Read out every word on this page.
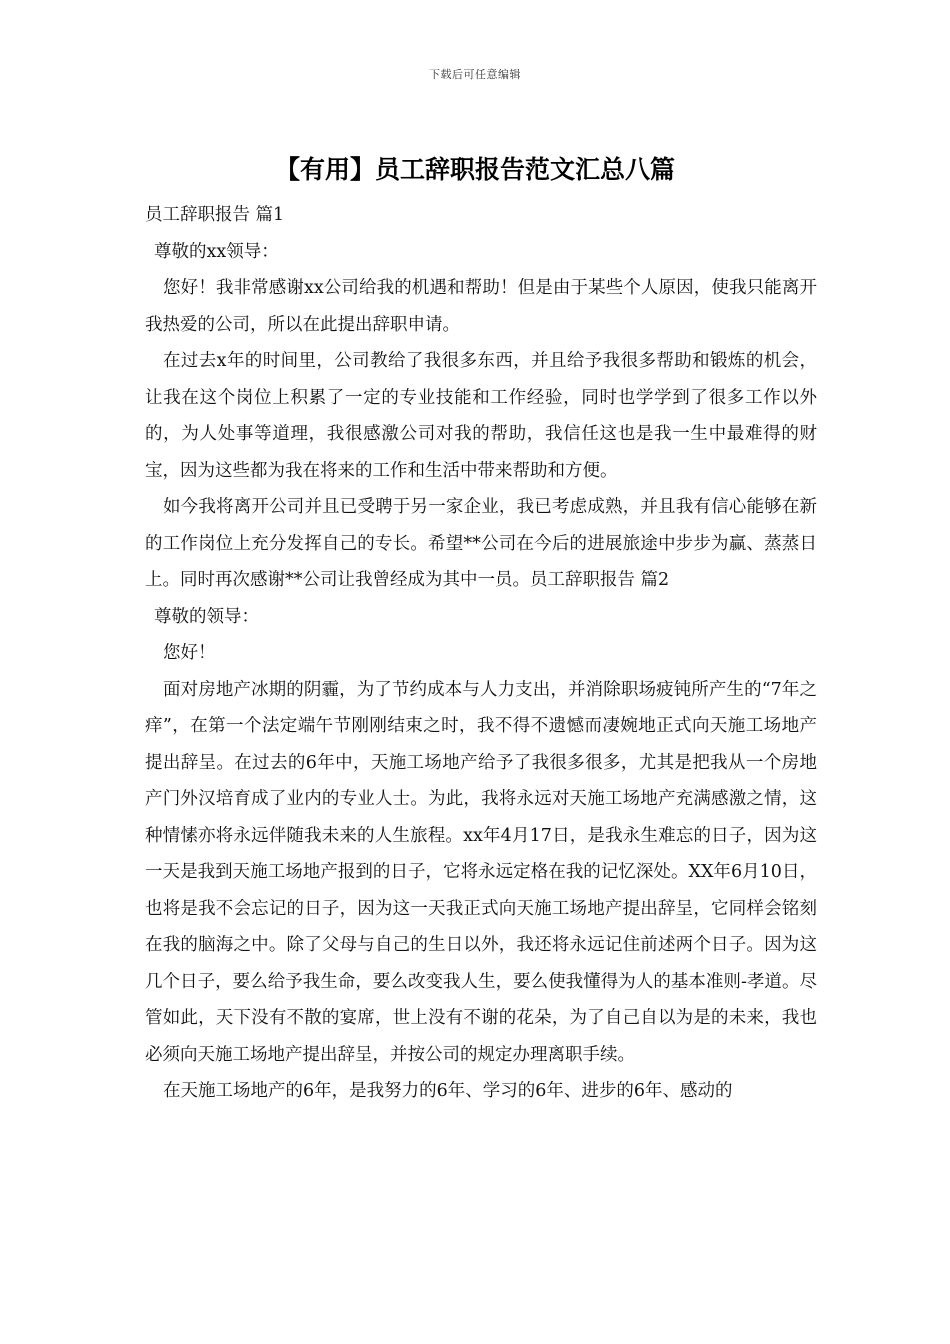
下载后可任意编辑
【有用】员工辞职报告范文汇总八篇

员工辞职报告 篇1

尊敬的xx领导：

您好！我非常感谢xx公司给我的机遇和帮助！但是由于某些个人原因，使我只能离开我热爱的公司，所以在此提出辞职申请。

在过去x年的时间里，公司教给了我很多东西，并且给予我很多帮助和锻炼的机会，让我在这个岗位上积累了一定的专业技能和工作经验，同时也学学到了很多工作以外的，为人处事等道理，我很感激公司对我的帮助，我信任这也是我一生中最难得的财宝，因为这些都为我在将来的工作和生活中带来帮助和方便。

如今我将离开公司并且已受聘于另一家企业，我已考虑成熟，并且我有信心能够在新的工作岗位上充分发挥自己的专长。希望**公司在今后的进展旅途中步步为赢、蒸蒸日上。同时再次感谢**公司让我曾经成为其中一员。员工辞职报告 篇2

尊敬的领导：

您好！

面对房地产冰期的阴霾，为了节约成本与人力支出，并消除职场疲钝所产生的“7年之痒”，在第一个法定端午节刚刚结束之时，我不得不遗憾而凄婉地正式向天施工场地产提出辞呈。在过去的6年中，天施工场地产给予了我很多很多，尤其是把我从一个房地产门外汉培育成了业内的专业人士。为此，我将永远对天施工场地产充满感激之情，这种情愫亦将永远伴随我未来的人生旅程。xx年4月17日，是我永生难忘的日子，因为这一天是我到天施工场地产报到的日子，它将永远定格在我的记忆深处。XX年6月10日，也将是我不会忘记的日子，因为这一天我正式向天施工场地产提出辞呈，它同样会铭刻在我的脑海之中。除了父母与自己的生日以外，我还将永远记住前述两个日子。因为这几个日子，要么给予我生命，要么改变我人生，要么使我懂得为人的基本准则-孝道。尽管如此，天下没有不散的宴席，世上没有不谢的花朵，为了自己自以为是的未来，我也必须向天施工场地产提出辞呈，并按公司的规定办理离职手续。

在天施工场地产的6年，是我努力的6年、学习的6年、进步的6年、感动的
